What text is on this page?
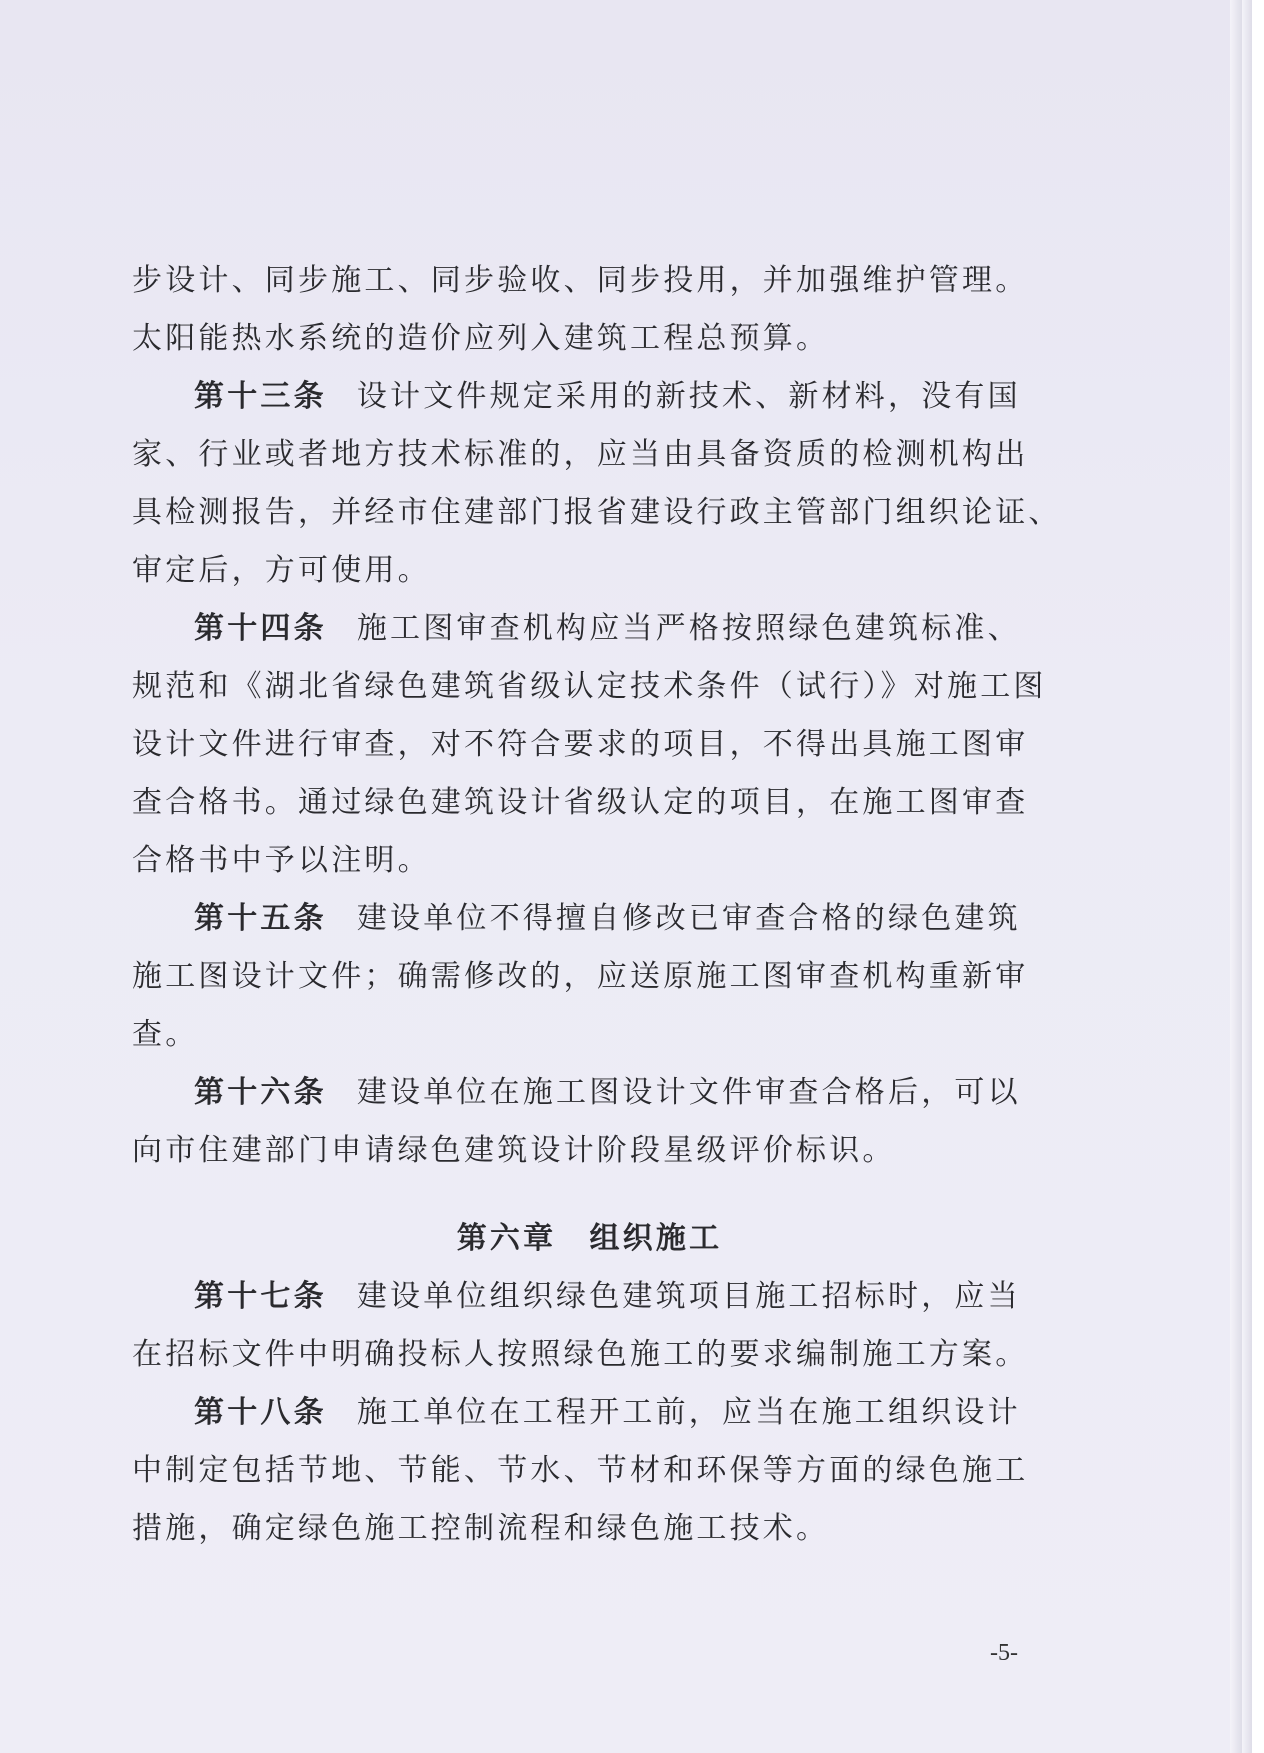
步设计、同步施工、同步验收、同步投用，并加强维护管理。
太阳能热水系统的造价应列入建筑工程总预算。
第十三条 设计文件规定采用的新技术、新材料，没有国
家、行业或者地方技术标准的，应当由具备资质的检测机构出
具检测报告，并经市住建部门报省建设行政主管部门组织论证、
审定后，方可使用。
第十四条 施工图审查机构应当严格按照绿色建筑标准、
规范和《湖北省绿色建筑省级认定技术条件（试行）》对施工图
设计文件进行审查，对不符合要求的项目，不得出具施工图审
查合格书。通过绿色建筑设计省级认定的项目，在施工图审查
合格书中予以注明。
第十五条 建设单位不得擅自修改已审查合格的绿色建筑
施工图设计文件；确需修改的，应送原施工图审查机构重新审
查。
第十六条 建设单位在施工图设计文件审查合格后，可以
向市住建部门申请绿色建筑设计阶段星级评价标识。
第六章　组织施工
第十七条 建设单位组织绿色建筑项目施工招标时，应当
在招标文件中明确投标人按照绿色施工的要求编制施工方案。
第十八条 施工单位在工程开工前，应当在施工组织设计
中制定包括节地、节能、节水、节材和环保等方面的绿色施工
措施，确定绿色施工控制流程和绿色施工技术。
-5-
